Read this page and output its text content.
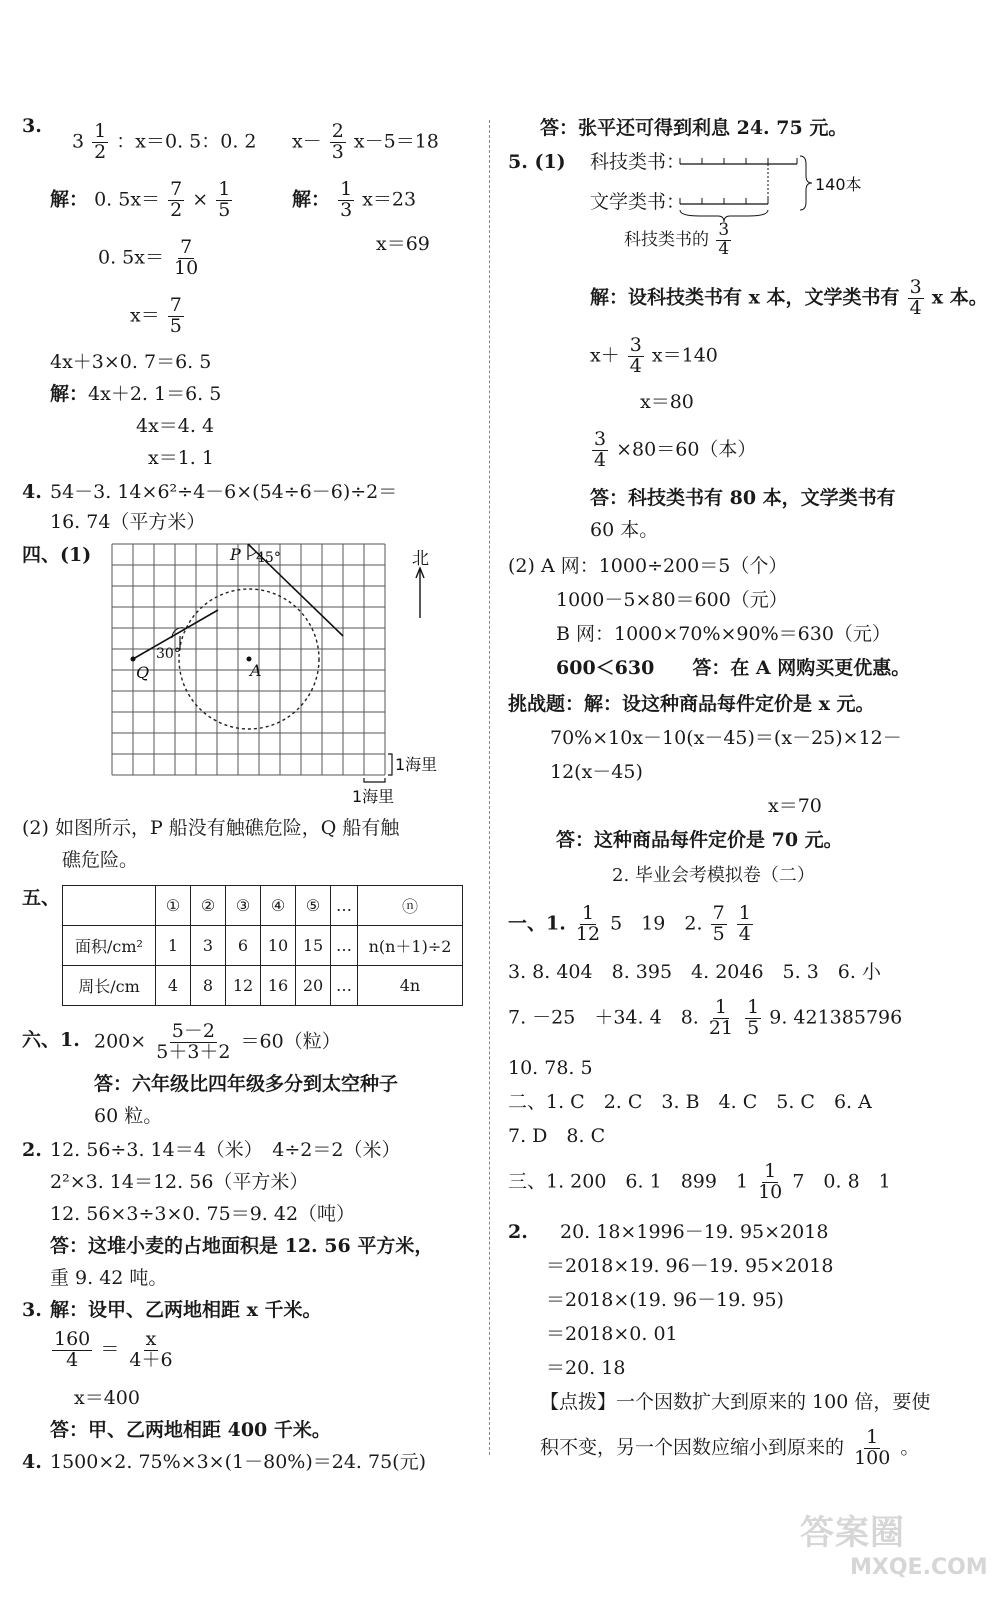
3.
$3 \frac{1}{2}$ ：x＝0. 5：0. 2 $x- \frac{2}{3} x-5=18$
解： 0. $5x= \frac{7}{2} \times \frac{1}{5}$	解： $\frac{1}{3} x=23$
x＝69
0. $5x= \frac{7}{10}$
$x= \frac{7}{5}$
4x＋3×0. 7＝6. 5
解：4x＋2. 1＝6. 5
4x＝4. 4
x＝1. 1
4. 54－3. 14×6²÷4－6×(54÷6－6)÷2＝
16. 74（平方米）
四、(1)	P 45°
30°
Q	A
北
1海里
1海里
(2) 如图所示，P 船没有触礁危险，Q 船有触
礁危险。
五、
		①	②	③	④	⑤	…	ⓝ
面积/cm²	1	3	6	10	15	…	n(n＋1)÷2
周长/cm	4	8	12	16	20	…	4n
六、1. $200\times \frac{5-2}{5+3+2} =60$（粒）
答：六年级比四年级多分到太空种子
60 粒。
2. 12. 56÷3. 14＝4（米）　4÷2＝2（米）
2²×3. 14＝12. 56（平方米）
12. 56×3÷3×0. 75＝9. 42（吨）
答：这堆小麦的占地面积是 12. 56 平方米，
重 9. 42 吨。
3. 解：设甲、乙两地相距 x 千米。
$\frac{160}{4} = \frac{x}{4+6}$
x＝400
答：甲、乙两地相距 400 千米。
4. 1500×2. 75%×3×(1－80%)＝24. 75(元)
答：张平还可得到利息 24. 75 元。
5. (1) 科技类书：
文学类书：
140本
科技类书的 $\frac{3}{4}$
解：设科技类书有 x 本，文学类书有 $\frac{3}{4}$ x 本。
$x+ \frac{3}{4} x=140$
x＝80
$\frac{3}{4} \times 80=60$（本）
答：科技类书有 80 本，文学类书有
60 本。
(2) A 网：1000÷200＝5（个）
1000－5×80＝600（元）
B 网：1000×70%×90%＝630（元）
600＜630　　答：在 A 网购买更优惠。
挑战题：解：设这种商品每件定价是 x 元。
70%×10x－10(x－45)＝(x－25)×12－
12(x－45)
x＝70
答：这种商品每件定价是 70 元。
2. 毕业会考模拟卷（二）
一、1. $\frac{1}{12} 5$　19　2. $\frac{7}{5}$
$\frac{1}{4}$
3. 8. 404　8. 395　4. 2046　5. 3　6. 小
7. －25　＋34. 4　8. $\frac{1}{21}$
$\frac{1}{5} 9$. 421385796
10. 78. 5
二、1. C　2. C　3. B　4. C　5. C　6. A
7. D　8. C
三、1. 200　6. 1　899　$1 \frac{1}{10} 7$　0. 8　1
2. 20. 18×1996－19. 95×2018
＝2018×19. 96－19. 95×2018
＝2018×(19. 96－19. 95)
＝2018×0. 01
＝20. 18
【点拨】一个因数扩大到原来的 100 倍，要使
积不变，另一个因数应缩小到原来的 $\frac{1}{100}$ 。
答案圈
MXQE.COM
